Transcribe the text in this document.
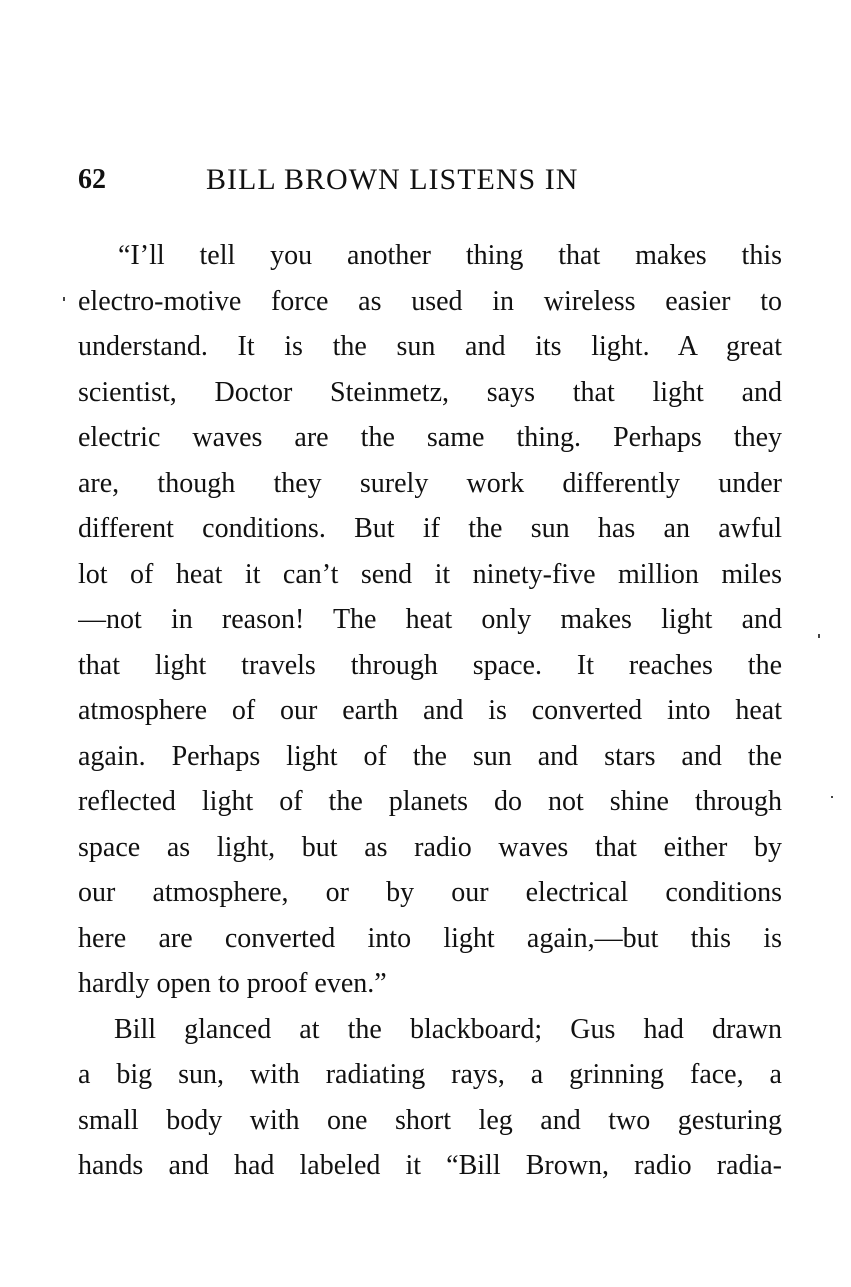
62	BILL BROWN LISTENS IN
“I’ll tell you another thing that makes this
electro-motive force as used in wireless easier to
understand. It is the sun and its light. A great
scientist, Doctor Steinmetz, says that light and
electric waves are the same thing. Perhaps they
are, though they surely work differently under
different conditions. But if the sun has an awful
lot of heat it can’t send it ninety-five million miles
—not in reason! The heat only makes light and
that light travels through space. It reaches the
atmosphere of our earth and is converted into heat
again. Perhaps light of the sun and stars and the
reflected light of the planets do not shine through
space as light, but as radio waves that either by
our atmosphere, or by our electrical conditions
here are converted into light again,—but this is
hardly open to proof even.”
Bill glanced at the blackboard; Gus had drawn
a big sun, with radiating rays, a grinning face, a
small body with one short leg and two gesturing
hands and had labeled it “Bill Brown, radio radia-
